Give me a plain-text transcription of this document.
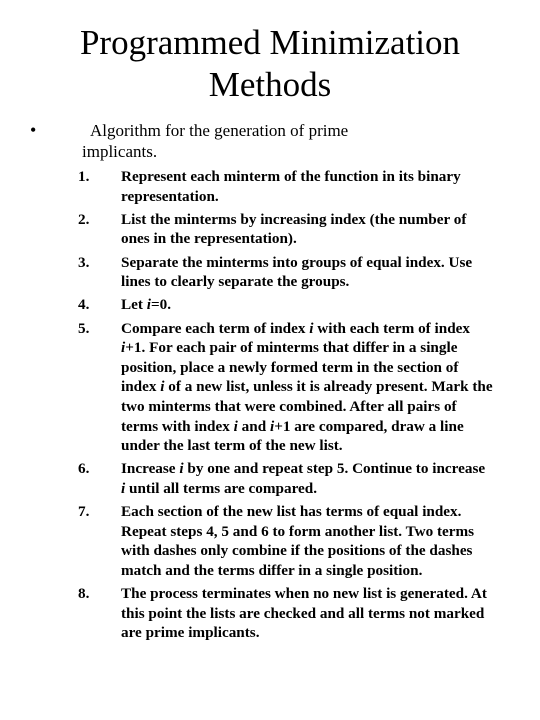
Programmed Minimization
Methods
•	Algorithm for the generation of prime
implicants.

1. Represent each minterm of the function in its binary representation.
2. List the minterms by increasing index (the number of ones in the representation).
3. Separate the minterms into groups of equal index. Use lines to clearly separate the groups.
4. Let i=0.
5. Compare each term of index i with each term of index i+1. For each pair of minterms that differ in a single position, place a newly formed term in the section of index i of a new list, unless it is already present. Mark the two minterms that were combined. After all pairs of terms with index i and i+1 are compared, draw a line under the last term of the new list.
6. Increase i by one and repeat step 5. Continue to increase i until all terms are compared.
7. Each section of the new list has terms of equal index. Repeat steps 4, 5 and 6 to form another list. Two terms with dashes only combine if the positions of the dashes match and the terms differ in a single position.
8. The process terminates when no new list is generated. At this point the lists are checked and all terms not marked are prime implicants.
